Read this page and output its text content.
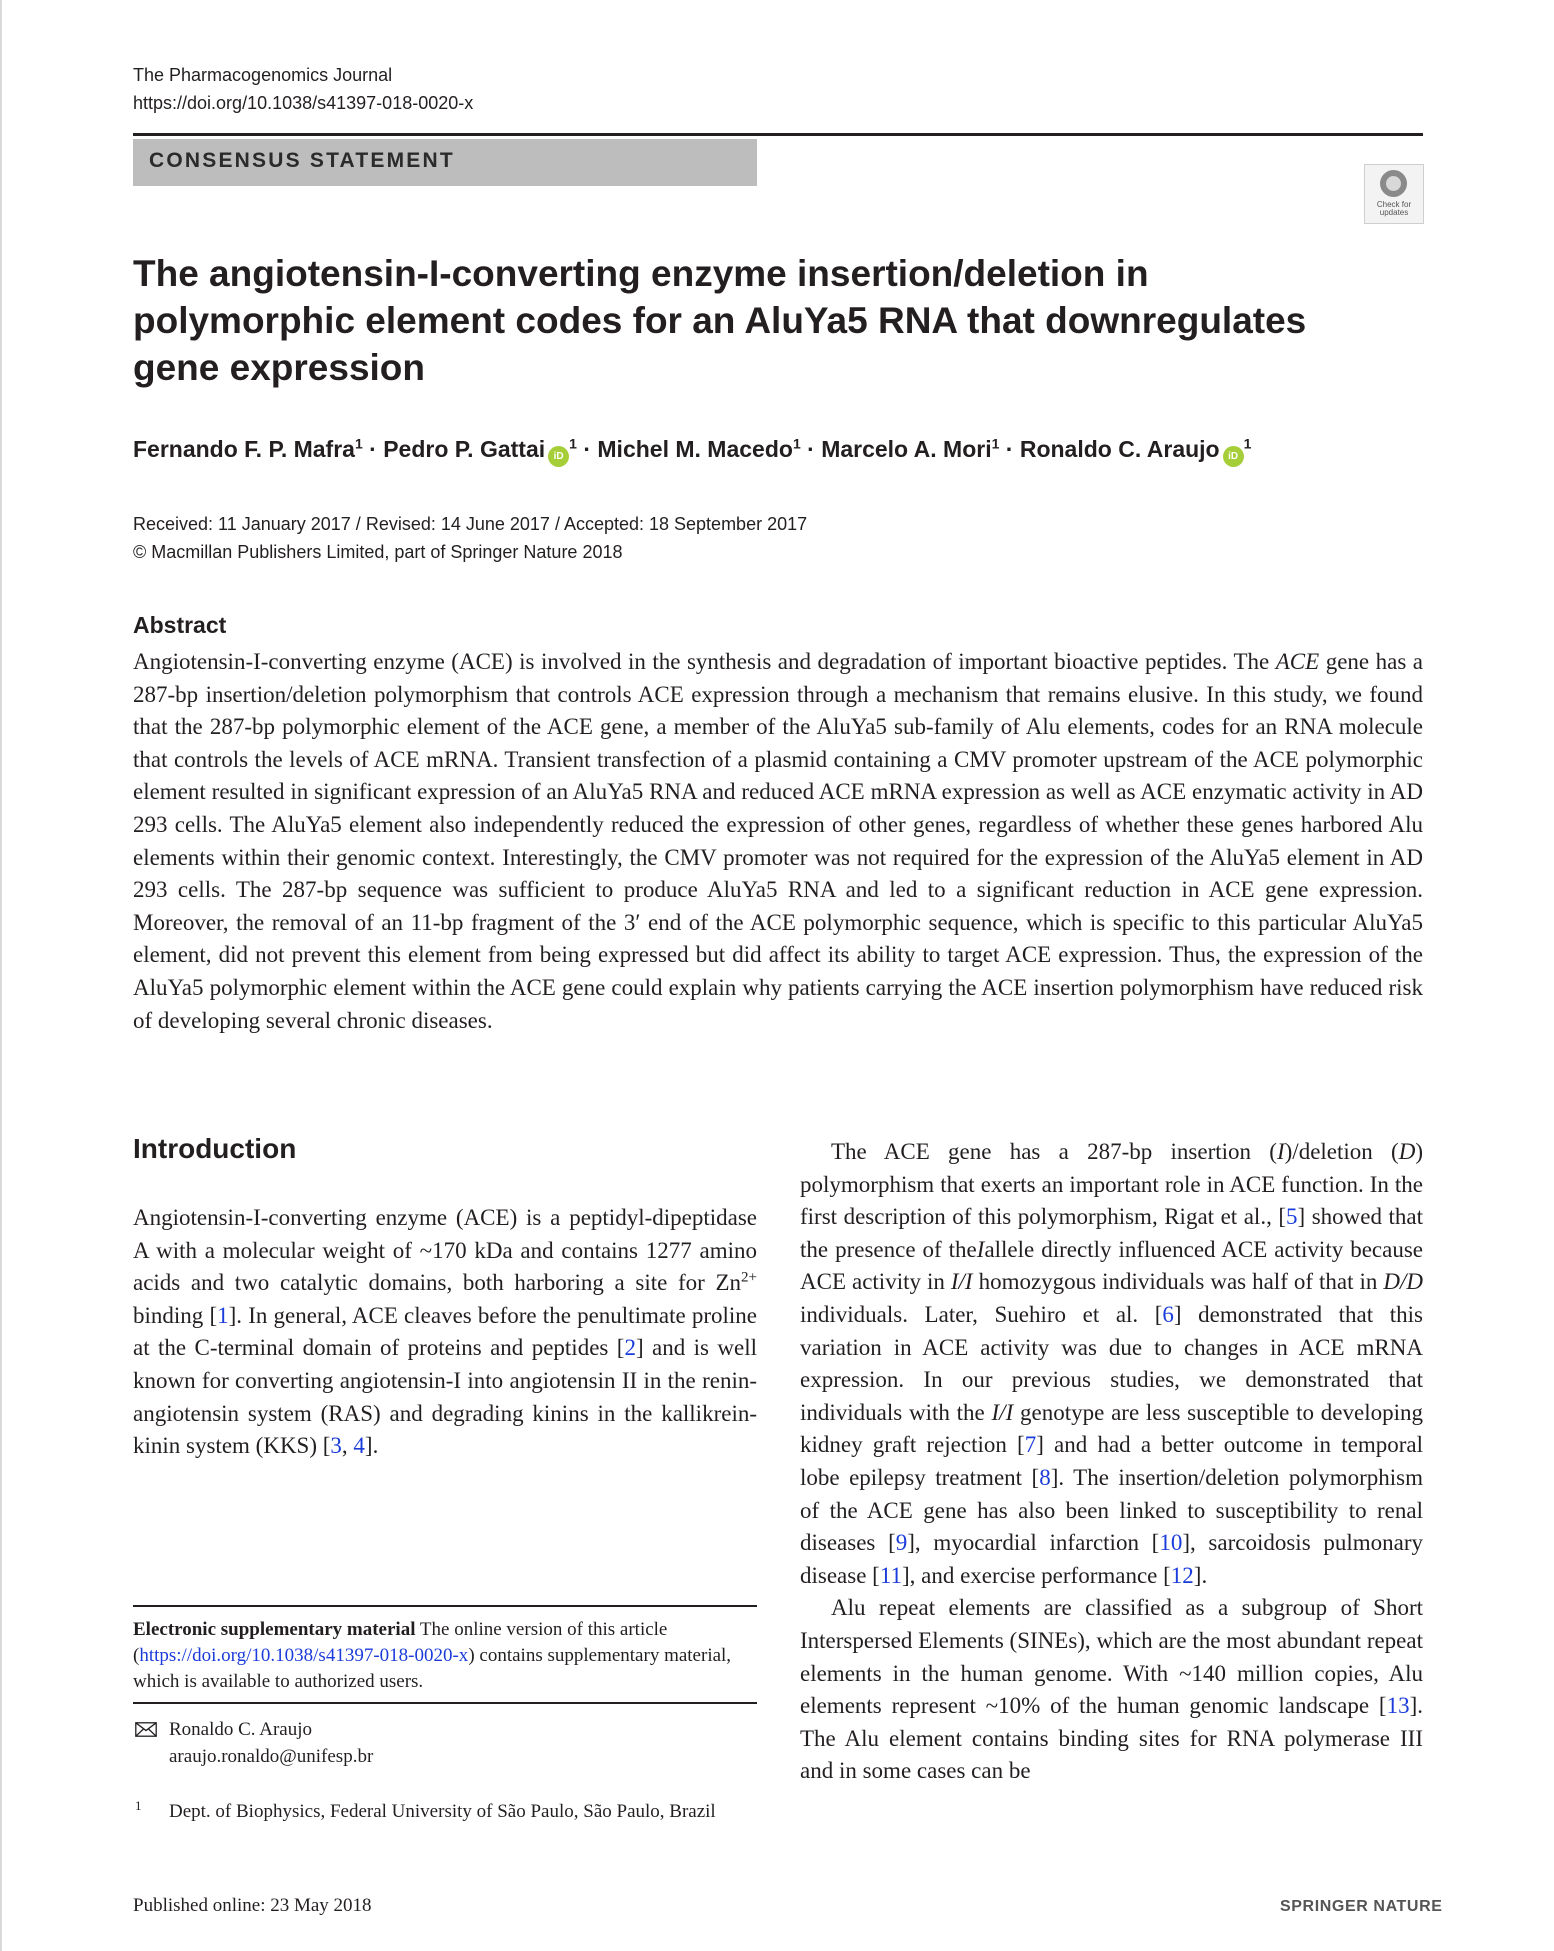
The Pharmacogenomics Journal
https://doi.org/10.1038/s41397-018-0020-x
CONSENSUS STATEMENT
Check for updates
The angiotensin-I-converting enzyme insertion/deletion in polymorphic element codes for an AluYa5 RNA that downregulates gene expression
Fernando F. P. Mafra$^1$ · Pedro P. Gattai $iD^1$ · Michel M. Macedo$^1$ · Marcelo A. Mori$^1$ · Ronaldo C. Araujo $iD^1$
Received: 11 January 2017 / Revised: 14 June 2017 / Accepted: 18 September 2017
© Macmillan Publishers Limited, part of Springer Nature 2018
Abstract
Angiotensin-I-converting enzyme (ACE) is involved in the synthesis and degradation of important bioactive peptides. The ACE gene has a 287-bp insertion/deletion polymorphism that controls ACE expression through a mechanism that remains elusive. In this study, we found that the 287-bp polymorphic element of the ACE gene, a member of the AluYa5 sub-family of Alu elements, codes for an RNA molecule that controls the levels of ACE mRNA. Transient transfection of a plasmid containing a CMV promoter upstream of the ACE polymorphic element resulted in significant expression of an AluYa5 RNA and reduced ACE mRNA expression as well as ACE enzymatic activity in AD 293 cells. The AluYa5 element also independently reduced the expression of other genes, regardless of whether these genes harbored Alu elements within their genomic context. Interestingly, the CMV promoter was not required for the expression of the AluYa5 element in AD 293 cells. The 287-bp sequence was sufficient to produce AluYa5 RNA and led to a significant reduction in ACE gene expression. Moreover, the removal of an 11-bp fragment of the 3′ end of the ACE polymorphic sequence, which is specific to this particular AluYa5 element, did not prevent this element from being expressed but did affect its ability to target ACE expression. Thus, the expression of the AluYa5 polymorphic element within the ACE gene could explain why patients carrying the ACE insertion polymorphism have reduced risk of developing several chronic diseases.
Introduction
Angiotensin-I-converting enzyme (ACE) is a peptidyl-dipeptidase A with a molecular weight of ~170 kDa and contains 1277 amino acids and two catalytic domains, both harboring a site for $Zn^{2+}$ binding [1]. In general, ACE cleaves before the penultimate proline at the C-terminal domain of proteins and peptides [2] and is well known for converting angiotensin-I into angiotensin II in the renin-angiotensin system (RAS) and degrading kinins in the kallikrein-kinin system (KKS) [3, 4].

The ACE gene has a 287-bp insertion (I)/deletion (D) polymorphism that exerts an important role in ACE function. In the first description of this polymorphism, Rigat et al., [5] showed that the presence of theIallele directly influenced ACE activity because ACE activity in I/I homozygous individuals was half of that in D/D individuals. Later, Suehiro et al. [6] demonstrated that this variation in ACE activity was due to changes in ACE mRNA expression. In our previous studies, we demonstrated that individuals with the I/I genotype are less susceptible to developing kidney graft rejection [7] and had a better outcome in temporal lobe epilepsy treatment [8]. The insertion/deletion polymorphism of the ACE gene has also been linked to susceptibility to renal diseases [9], myocardial infarction [10], sarcoidosis pulmonary disease [11], and exercise performance [12].

Alu repeat elements are classified as a subgroup of Short Interspersed Elements (SINEs), which are the most abundant repeat elements in the human genome. With ~140 million copies, Alu elements represent ~10% of the human genomic landscape [13]. The Alu element contains binding sites for RNA polymerase III and in some cases can be

Electronic supplementary material The online version of this article (https://doi.org/10.1038/s41397-018-0020-x) contains supplementary material, which is available to authorized users.
Ronaldo C. Araujo
araujo.ronaldo@unifesp.br
1 Dept. of Biophysics, Federal University of São Paulo, São Paulo, Brazil
Published online: 23 May 2018	SPRINGER NATURE
